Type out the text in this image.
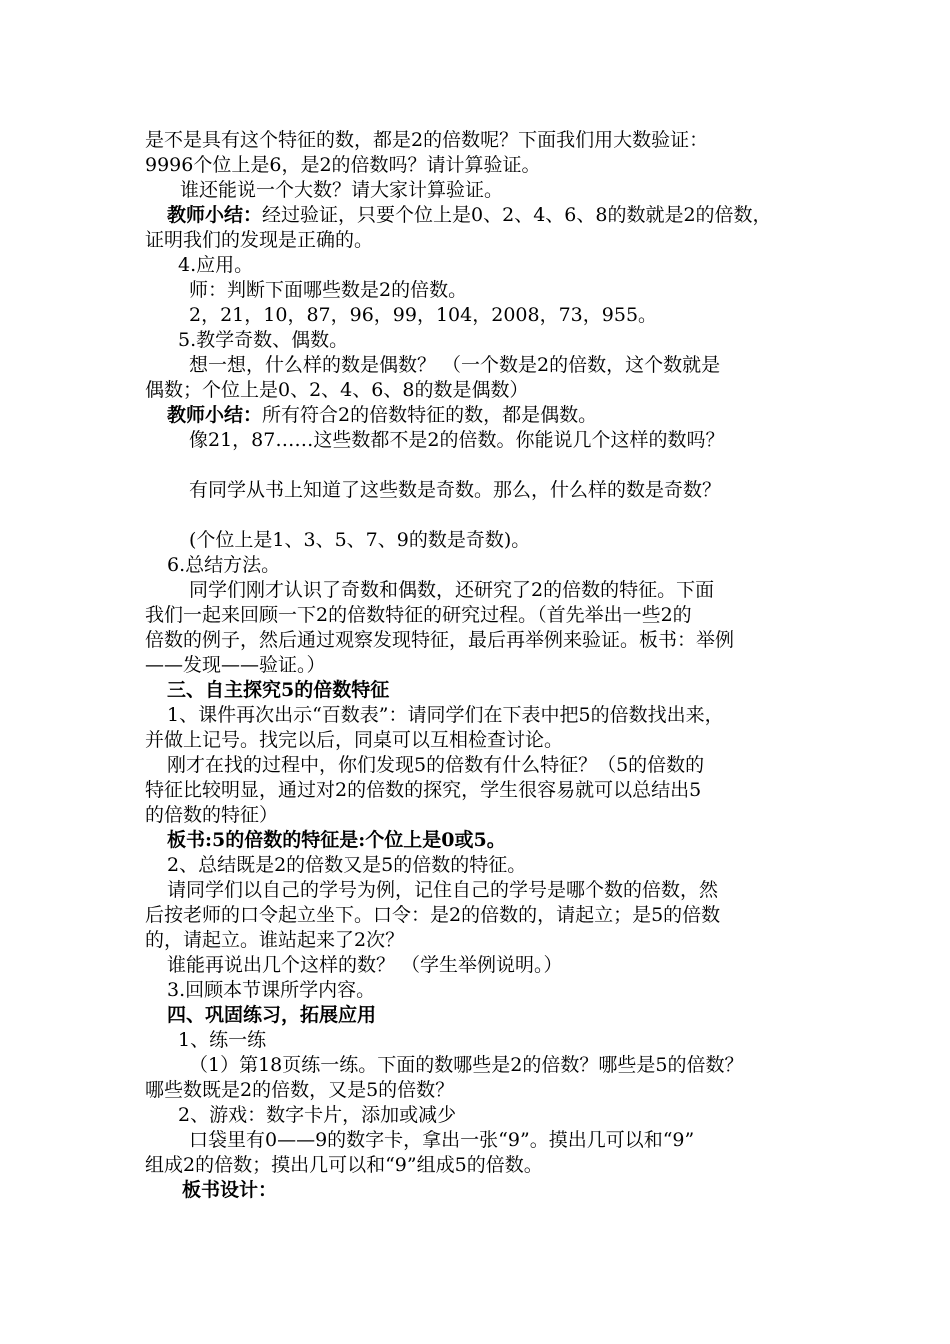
是不是具有这个特征的数，都是2的倍数呢？下面我们用大数验证：

9996个位上是6，是2的倍数吗？请计算验证。

谁还能说一个大数？请大家计算验证。

教师小结：经过验证，只要个位上是0、2、4、6、8的数就是2的倍数，

证明我们的发现是正确的。

4.应用。

师：判断下面哪些数是2的倍数。

2，21，10，87，96，99，104，2008，73，955。

5.教学奇数、偶数。

想一想，什么样的数是偶数？ （一个数是2的倍数，这个数就是

偶数；个位上是0、2、4、6、8的数是偶数）

教师小结：所有符合2的倍数特征的数，都是偶数。

像21，87……这些数都不是2的倍数。你能说几个这样的数吗？

有同学从书上知道了这些数是奇数。那么，什么样的数是奇数？

(个位上是1、3、5、7、9的数是奇数)。

6.总结方法。

同学们刚才认识了奇数和偶数，还研究了2的倍数的特征。下面

我们一起来回顾一下2的倍数特征的研究过程。（首先举出一些2的

倍数的例子，然后通过观察发现特征，最后再举例来验证。板书：举例

——发现——验证。）

三、自主探究5的倍数特征

1、课件再次出示“百数表”：请同学们在下表中把5的倍数找出来，

并做上记号。找完以后，同桌可以互相检查讨论。

刚才在找的过程中，你们发现5的倍数有什么特征？（5的倍数的

特征比较明显，通过对2的倍数的探究，学生很容易就可以总结出5

的倍数的特征）

板书:5的倍数的特征是:个位上是0或5。

2、总结既是2的倍数又是5的倍数的特征。

请同学们以自己的学号为例，记住自己的学号是哪个数的倍数，然

后按老师的口令起立坐下。口令：是2的倍数的，请起立；是5的倍数

的，请起立。谁站起来了2次？

谁能再说出几个这样的数？ （学生举例说明。）

3.回顾本节课所学内容。

四、巩固练习，拓展应用

1、练一练

（1）第18页练一练。下面的数哪些是2的倍数？哪些是5的倍数？

哪些数既是2的倍数，又是5的倍数？

2、游戏：数字卡片，添加或减少

口袋里有0——9的数字卡，拿出一张“9”。摸出几可以和“9”

组成2的倍数；摸出几可以和“9”组成5的倍数。

板书设计：
